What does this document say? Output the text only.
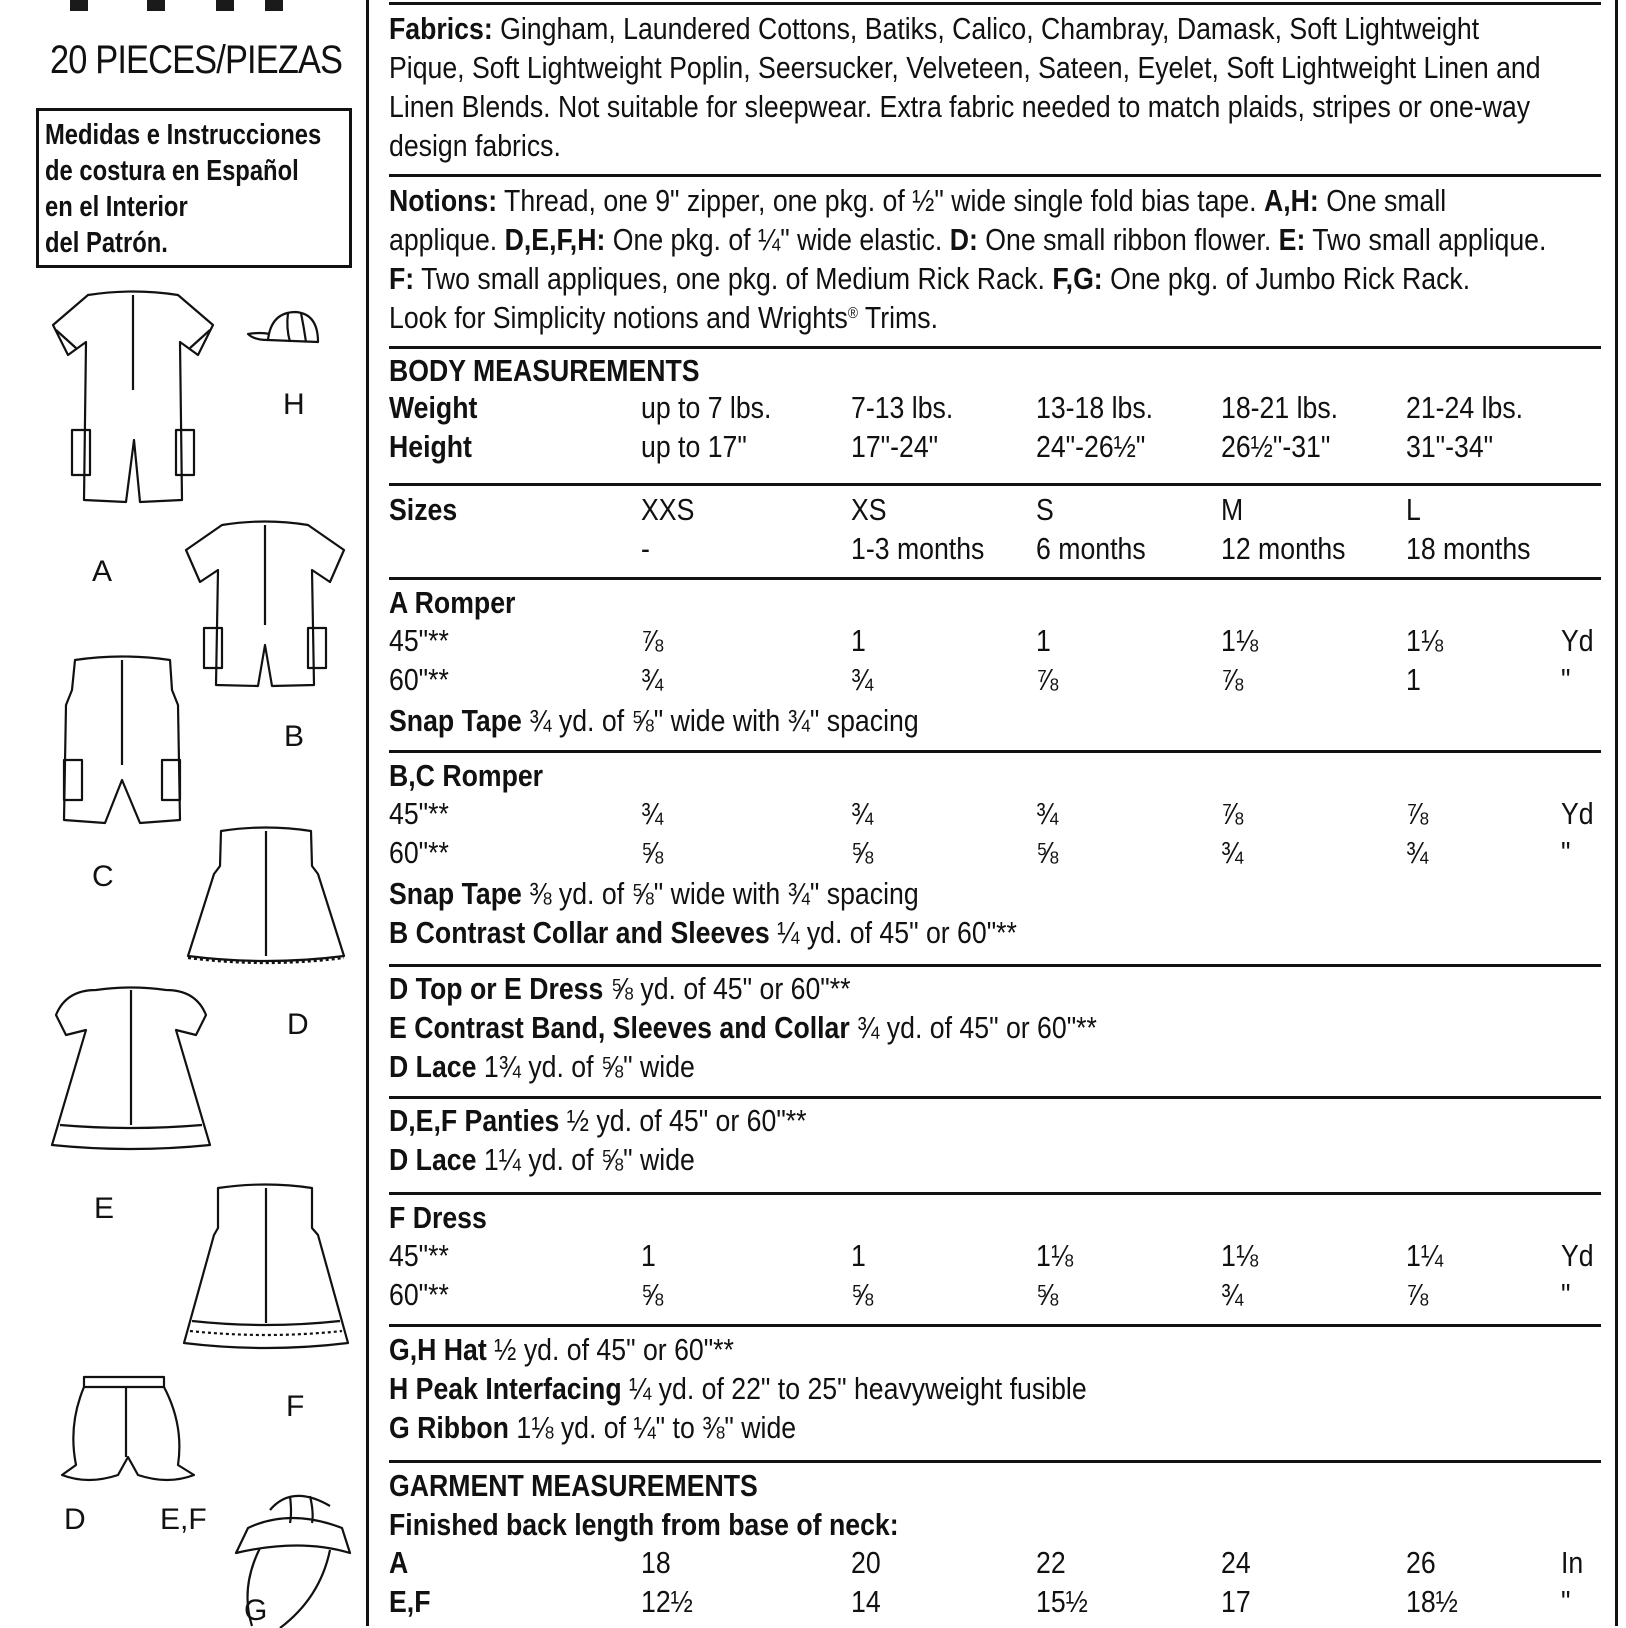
20 PIECES/PIEZAS
Medidas e Instrucciones
de costura en Español
en el Interior
del Patrón.
H
A
B
C
D
E
F
D E,F
G
Fabrics: Gingham, Laundered Cottons, Batiks, Calico, Chambray, Damask, Soft Lightweight
Pique, Soft Lightweight Poplin, Seersucker, Velveteen, Sateen, Eyelet, Soft Lightweight Linen and
Linen Blends. Not suitable for sleepwear. Extra fabric needed to match plaids, stripes or one-way
design fabrics.
Notions: Thread, one 9" zipper, one pkg. of ½" wide single fold bias tape. A,H: One small
applique. D,E,F,H: One pkg. of ¼" wide elastic. D: One small ribbon flower. E: Two small applique.
F: Two small appliques, one pkg. of Medium Rick Rack. F,G: One pkg. of Jumbo Rick Rack.
Look for Simplicity notions and Wrights® Trims.
BODY MEASUREMENTS
Weight	up to 7 lbs.	7-13 lbs.	13-18 lbs. 18-21 lbs. 21-24 lbs.
Height	up to 17"	17"-24"	24"-26½" 26½"-31" 31"-34"
Sizes	XXS	XS	S	M	L
-	1-3 months 6 months 12 months 18 months
A Romper
45"**	⅞	1	1	1⅛	1⅛	Yd
60"**	¾	¾	⅞	⅞	1	"
Snap Tape ¾ yd. of ⅝" wide with ¾" spacing
B,C Romper
45"**	¾	¾	¾	⅞	⅞	Yd
60"**	⅝	⅝	⅝	¾	¾	"
Snap Tape ⅜ yd. of ⅝" wide with ¾" spacing
B Contrast Collar and Sleeves ¼ yd. of 45" or 60"**
D Top or E Dress ⅝ yd. of 45" or 60"**
E Contrast Band, Sleeves and Collar ¾ yd. of 45" or 60"**
D Lace 1¾ yd. of ⅝" wide
D,E,F Panties ½ yd. of 45" or 60"**
D Lace 1¼ yd. of ⅝" wide
F Dress
45"**	1	1	1⅛	1⅛	1¼	Yd
60"**	⅝	⅝	⅝	¾	⅞	"
G,H Hat ½ yd. of 45" or 60"**
H Peak Interfacing ¼ yd. of 22" to 25" heavyweight fusible
G Ribbon 1⅛ yd. of ¼" to ⅜" wide
GARMENT MEASUREMENTS
Finished back length from base of neck:
A	18	20	22	24	26	In
E,F	12½	14	15½	17	18½	"
